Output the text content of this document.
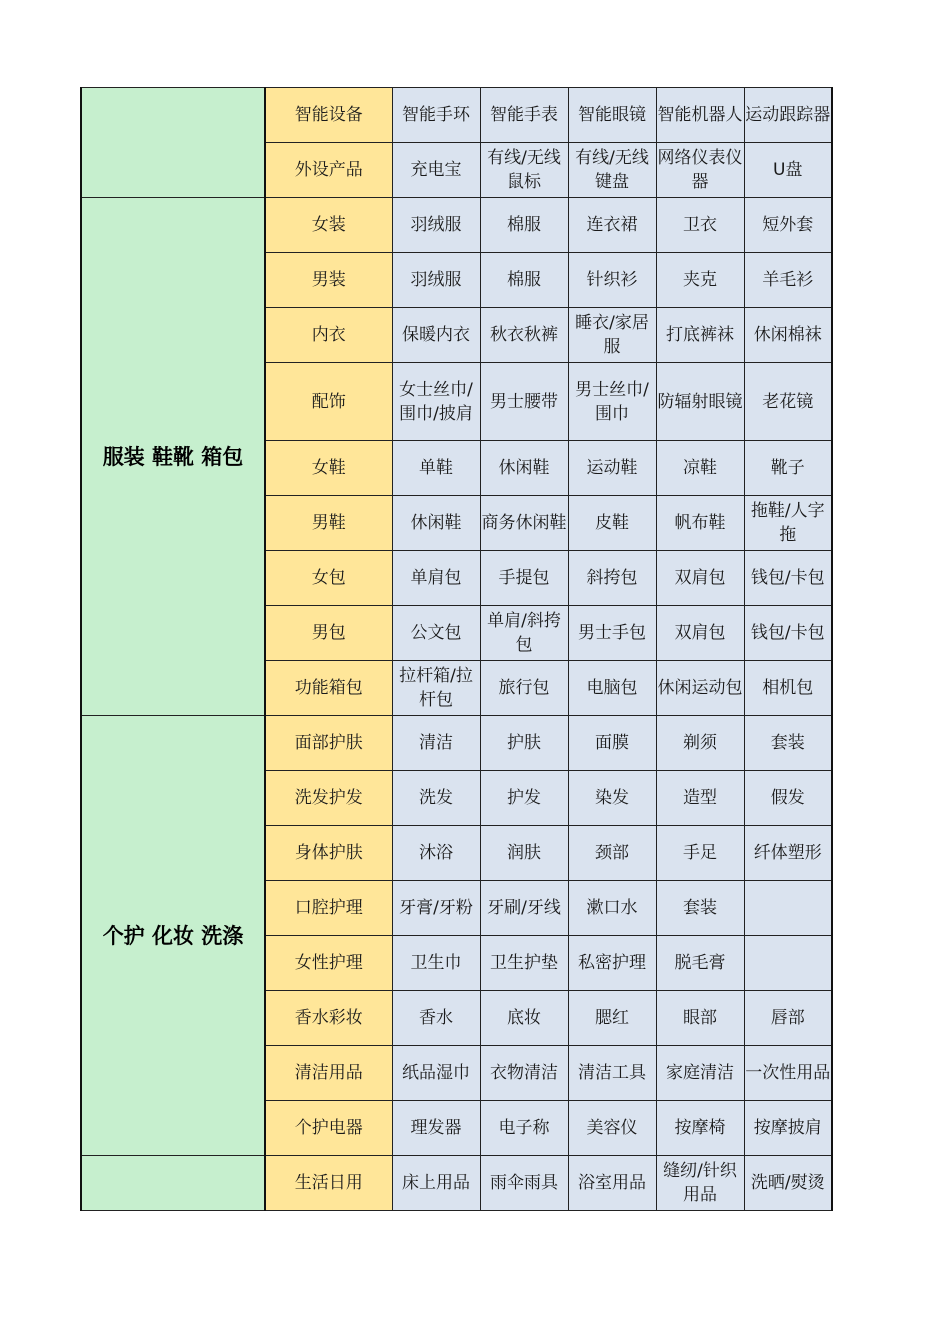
	智能设备	智能手环	智能手表	智能眼镜	智能机器人	运动跟踪器
	外设产品	充电宝	有线/无线鼠标	有线/无线键盘	网络仪表仪器	U盘
服装 鞋靴 箱包	女装	羽绒服	棉服	连衣裙	卫衣	短外套
	男装	羽绒服	棉服	针织衫	夹克	羊毛衫
	内衣	保暖内衣	秋衣秋裤	睡衣/家居服	打底裤袜	休闲棉袜
	配饰	女士丝巾/围巾/披肩	男士腰带	男士丝巾/围巾	防辐射眼镜	老花镜
	女鞋	单鞋	休闲鞋	运动鞋	凉鞋	靴子
	男鞋	休闲鞋	商务休闲鞋	皮鞋	帆布鞋	拖鞋/人字拖
	女包	单肩包	手提包	斜挎包	双肩包	钱包/卡包
	男包	公文包	单肩/斜挎包	男士手包	双肩包	钱包/卡包
	功能箱包	拉杆箱/拉杆包	旅行包	电脑包	休闲运动包	相机包
个护 化妆 洗涤	面部护肤	清洁	护肤	面膜	剃须	套装
	洗发护发	洗发	护发	染发	造型	假发
	身体护肤	沐浴	润肤	颈部	手足	纤体塑形
	口腔护理	牙膏/牙粉	牙刷/牙线	漱口水	套装	
	女性护理	卫生巾	卫生护垫	私密护理	脱毛膏	
	香水彩妆	香水	底妆	腮红	眼部	唇部
	清洁用品	纸品湿巾	衣物清洁	清洁工具	家庭清洁	一次性用品
	个护电器	理发器	电子称	美容仪	按摩椅	按摩披肩
	生活日用	床上用品	雨伞雨具	浴室用品	缝纫/针织用品	洗晒/熨烫
